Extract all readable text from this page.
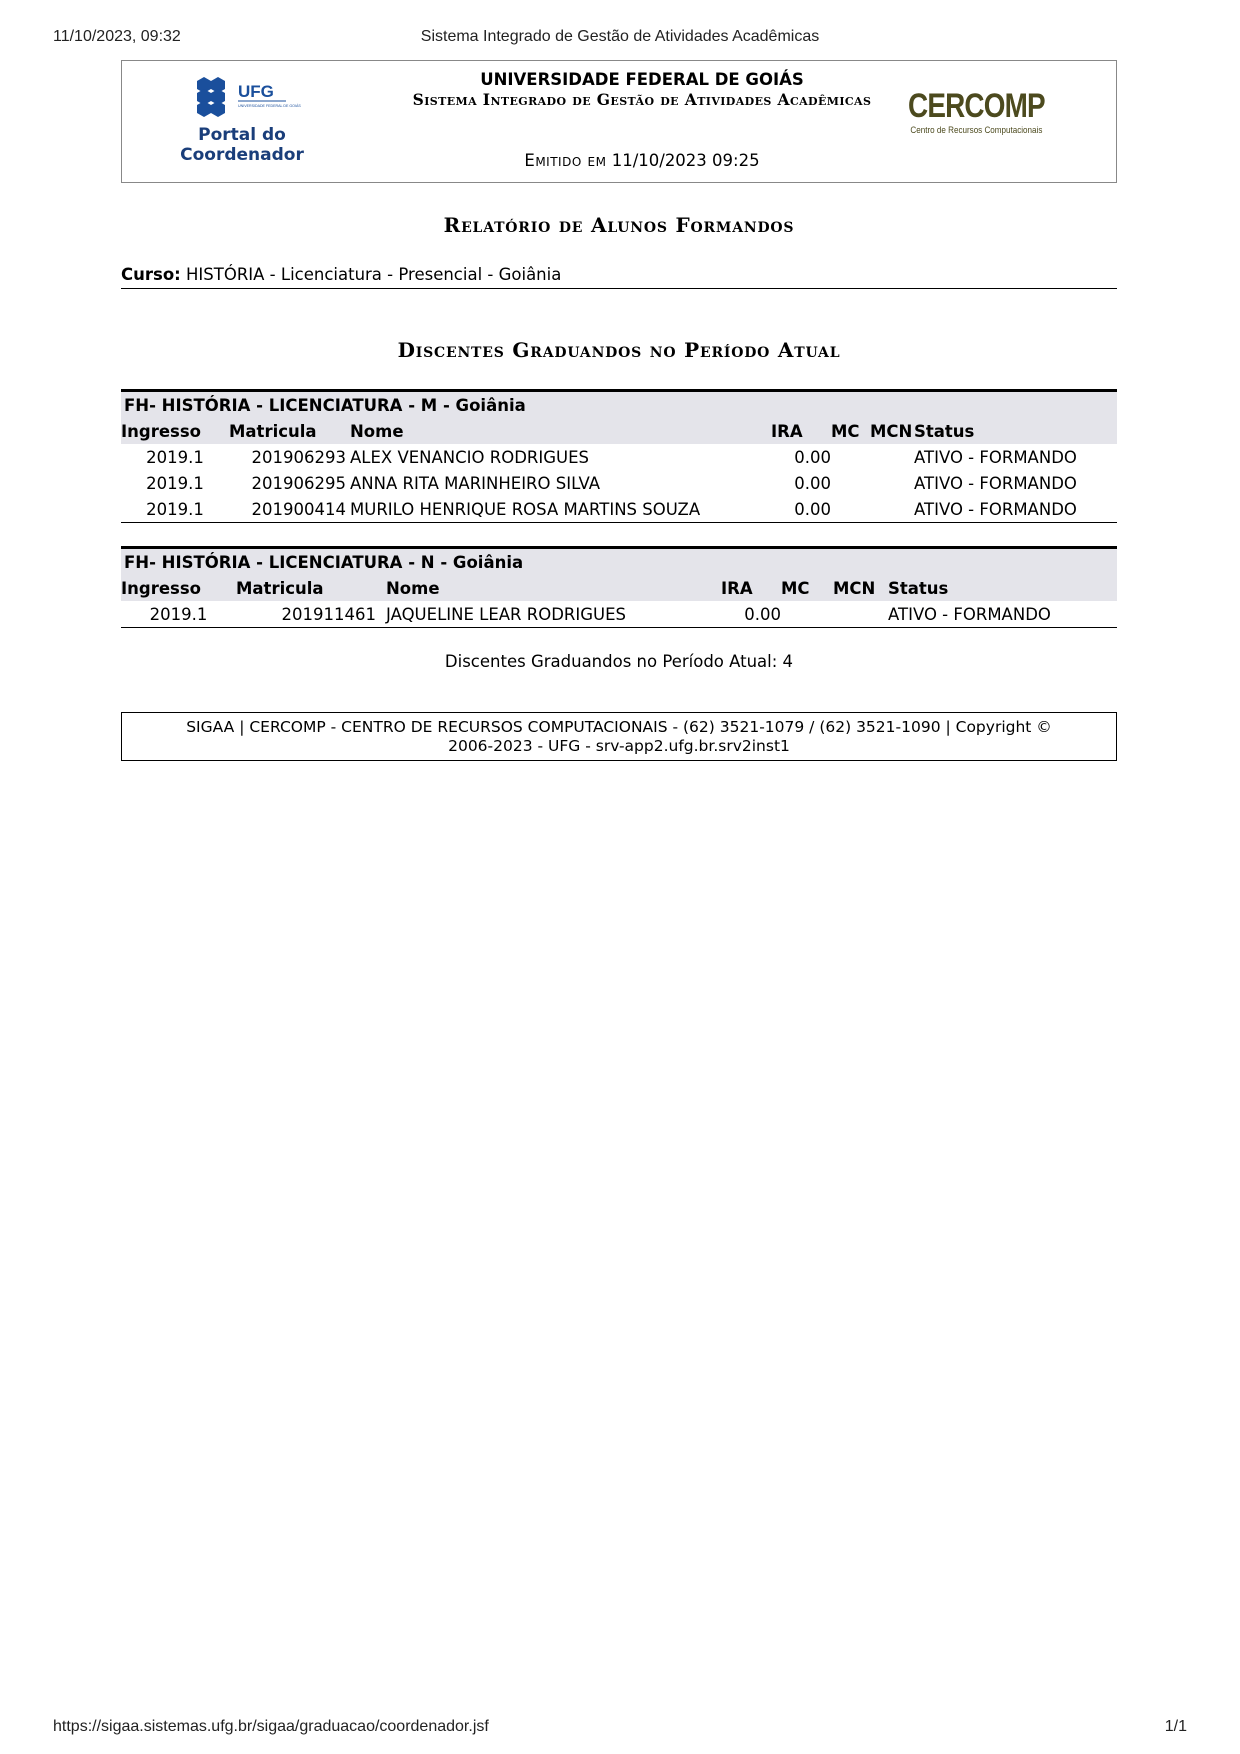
11/10/2023, 09:32	Sistema Integrado de Gestão de Atividades Acadêmicas
UFG
UNIVERSIDADE FEDERAL DE GOIÁS
Portal do Coordenador
UNIVERSIDADE FEDERAL DE GOIÁS
Sistema Integrado de Gestão de Atividades Acadêmicas
Emitido em 11/10/2023 09:25
CERCOMP
Centro de Recursos Computacionais
Relatório de Alunos Formandos
Curso: HISTÓRIA - Licenciatura - Presencial - Goiânia
Discentes Graduandos no Período Atual
FH- HISTÓRIA - LICENCIATURA - M - Goiânia						
Ingresso	Matricula	Nome	IRA	MC	MCN	Status
2019.1	201906293	ALEX VENANCIO RODRIGUES	0.00			ATIVO - FORMANDO
2019.1	201906295	ANNA RITA MARINHEIRO SILVA	0.00			ATIVO - FORMANDO
2019.1	201900414	MURILO HENRIQUE ROSA MARTINS SOUZA	0.00			ATIVO - FORMANDO
FH- HISTÓRIA - LICENCIATURA - N - Goiânia						
Ingresso	Matricula	Nome	IRA	MC	MCN	Status
2019.1	201911461	JAQUELINE LEAR RODRIGUES	0.00			ATIVO - FORMANDO
Discentes Graduandos no Período Atual: 4
SIGAA | CERCOMP - CENTRO DE RECURSOS COMPUTACIONAIS - (62) 3521-1079 / (62) 3521-1090 | Copyright ©
2006-2023 - UFG - srv-app2.ufg.br.srv2inst1
https://sigaa.sistemas.ufg.br/sigaa/graduacao/coordenador.jsf	1/1
